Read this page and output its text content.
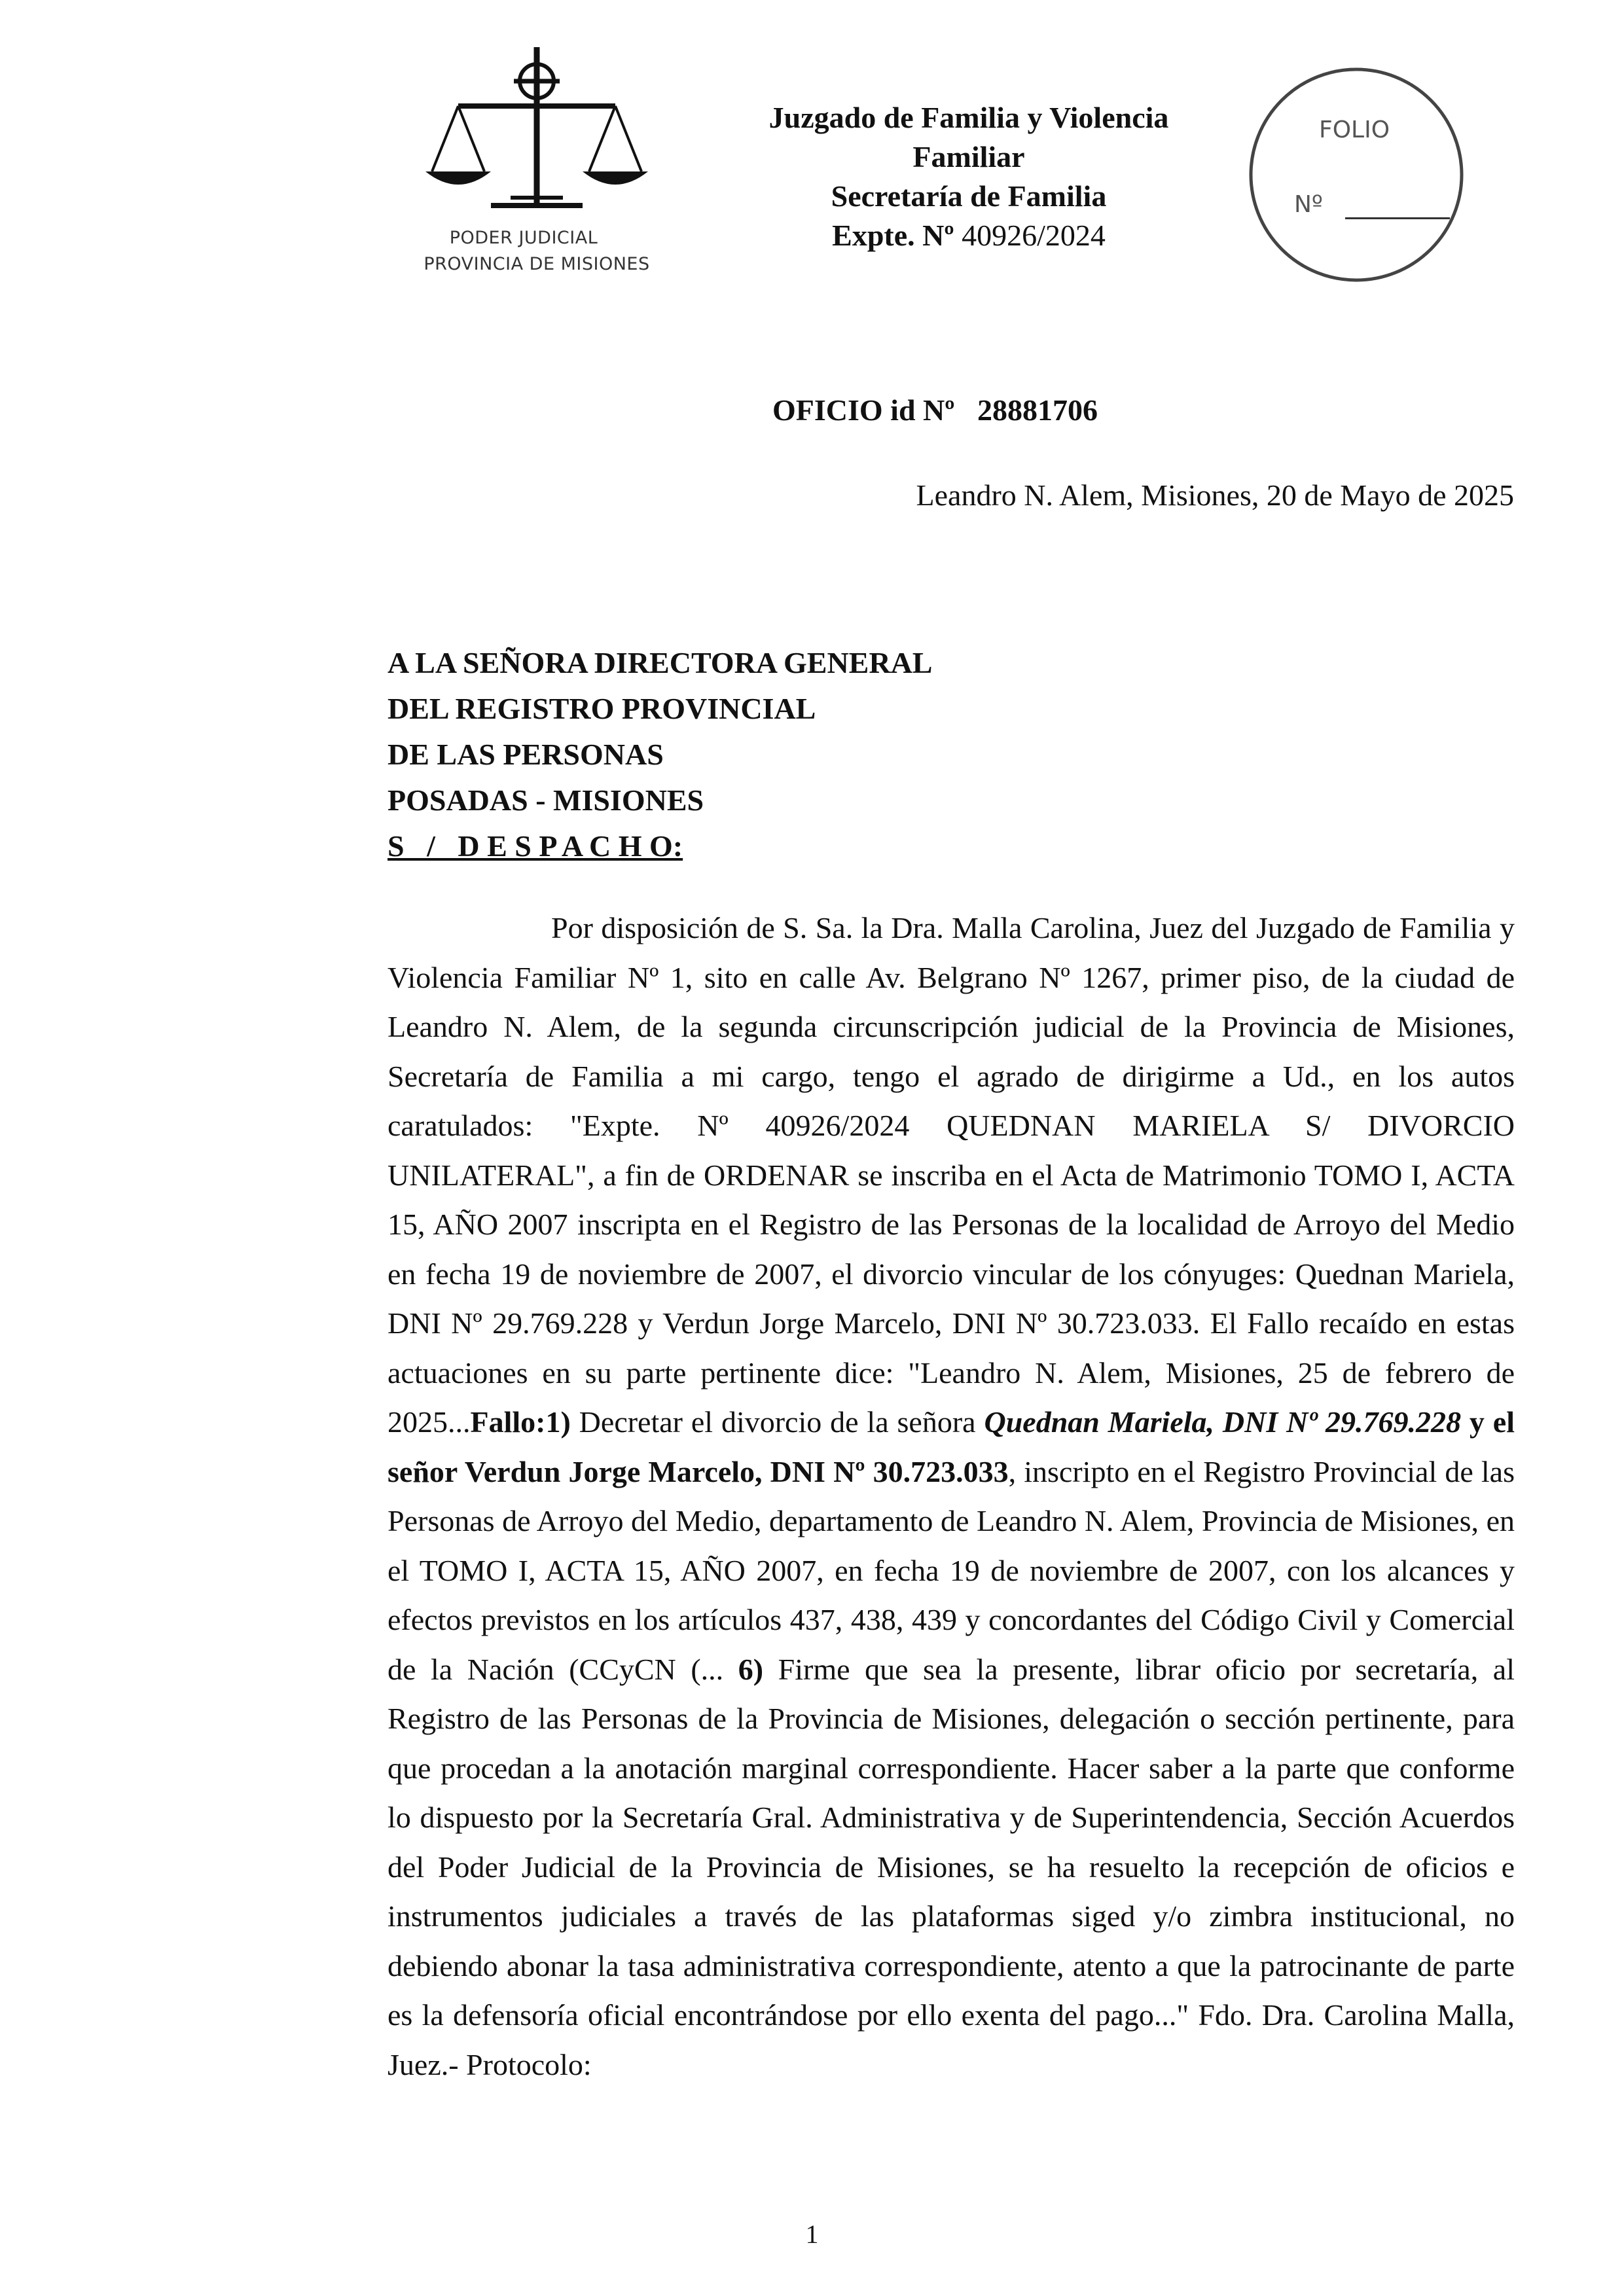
PODER JUDICIAL
PROVINCIA DE MISIONES
Juzgado de Familia y Violencia
Familiar
Secretaría de Familia
Expte. Nº 40926/2024
FOLIO
Nº
OFICIO id Nº   28881706
Leandro N. Alem, Misiones, 20 de Mayo de 2025
A LA SEÑORA DIRECTORA GENERAL
DEL REGISTRO PROVINCIAL
DE LAS PERSONAS
POSADAS - MISIONES
S   /   D E S P A C H O:
Por disposición de S. Sa. la Dra. Malla Carolina, Juez del Juzgado de Familia y Violencia Familiar Nº 1, sito en calle Av. Belgrano Nº 1267, primer piso, de la ciudad de Leandro N. Alem, de la segunda circunscripción judicial de la Provincia de Misiones, Secretaría de Familia a mi cargo, tengo el agrado de dirigirme a Ud., en los autos caratulados: "Expte. Nº 40926/2024 QUEDNAN MARIELA S/ DIVORCIO UNILATERAL", a fin de ORDENAR se inscriba en el Acta de Matrimonio TOMO I, ACTA 15, AÑO 2007 inscripta en el Registro de las Personas de la localidad de Arroyo del Medio en fecha 19 de noviembre de 2007, el divorcio vincular de los cónyuges: Quednan Mariela, DNI Nº 29.769.228 y Verdun Jorge Marcelo, DNI Nº 30.723.033. El Fallo recaído en estas actuaciones en su parte pertinente dice: "Leandro N. Alem, Misiones, 25 de febrero de 2025...Fallo:1) Decretar el divorcio de la señora Quednan Mariela, DNI Nº 29.769.228 y el señor Verdun Jorge Marcelo, DNI Nº 30.723.033, inscripto en el Registro Provincial de las Personas de Arroyo del Medio, departamento de Leandro N. Alem, Provincia de Misiones, en el TOMO I, ACTA 15, AÑO 2007, en fecha 19 de noviembre de 2007, con los alcances y efectos previstos en los artículos 437, 438, 439 y concordantes del Código Civil y Comercial de la Nación (CCyCN (... 6) Firme que sea la presente, librar oficio por secretaría, al Registro de las Personas de la Provincia de Misiones, delegación o sección pertinente, para que procedan a la anotación marginal correspondiente. Hacer saber a la parte que conforme lo dispuesto por la Secretaría Gral. Administrativa y de Superintendencia, Sección Acuerdos del Poder Judicial de la Provincia de Misiones, se ha resuelto la recepción de oficios e instrumentos judiciales a través de las plataformas siged y/o zimbra institucional, no debiendo abonar la tasa administrativa correspondiente, atento a que la patrocinante de parte es la defensoría oficial encontrándose por ello exenta del pago..." Fdo. Dra. Carolina Malla, Juez.- Protocolo:
1
